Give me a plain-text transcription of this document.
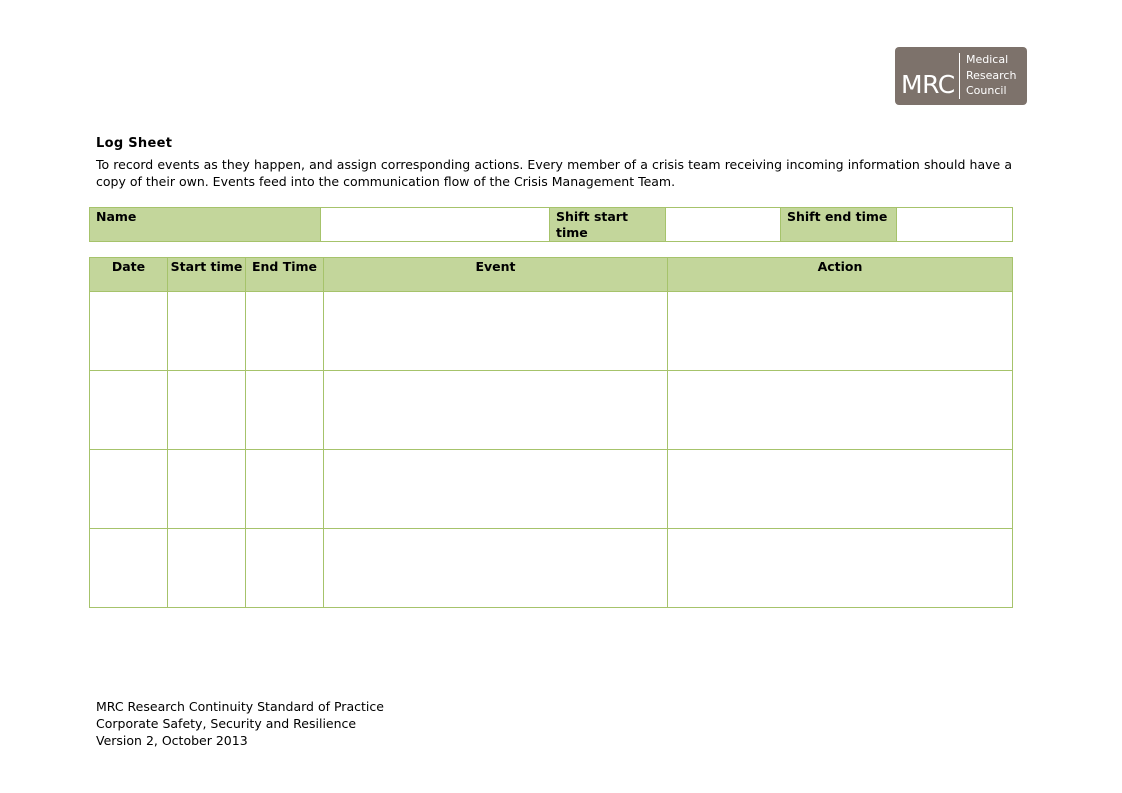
MRC
Medical
Research
Council
Log Sheet
To record events as they happen, and assign corresponding actions. Every member of a crisis team receiving incoming information should have a copy of their own. Events feed into the communication flow of the Crisis Management Team.
Name		Shift start time		Shift end time	
Date	Start time	End Time	Event	Action

MRC Research Continuity Standard of Practice
Corporate Safety, Security and Resilience
Version 2, October 2013
